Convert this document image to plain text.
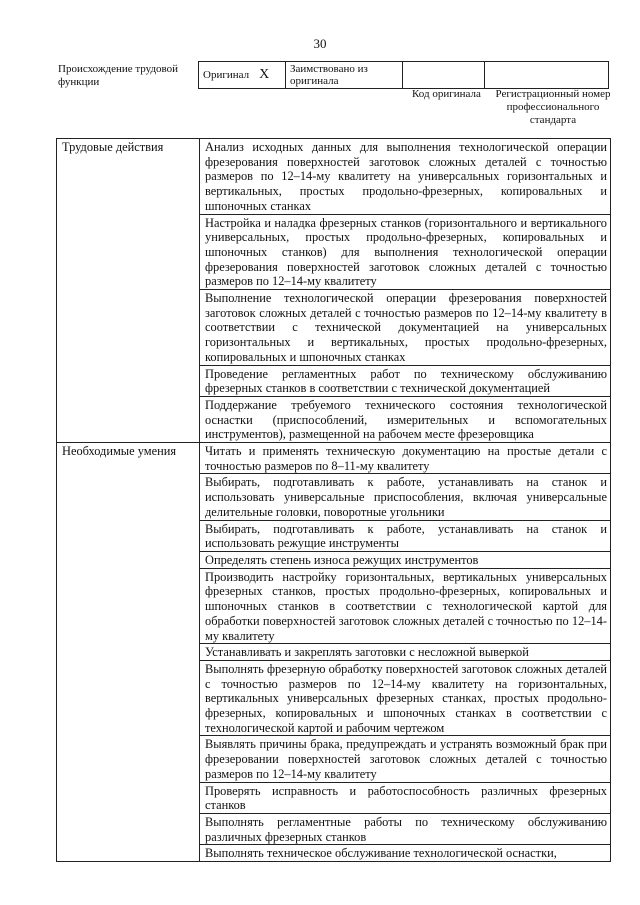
30
Происхождение трудовой функции
Оригинал X	Заимствовано из оригинала		
Код оригинала	Регистрационный номер профессионального стандарта
Трудовые действия	Анализ исходных данных для выполнения технологической операции фрезерования поверхностей заготовок сложных деталей с точностью размеров по 12–14-му квалитету на универсальных горизонтальных и вертикальных, простых продольно-фрезерных, копировальных и шпоночных станках
	Настройка и наладка фрезерных станков (горизонтального и вертикального универсальных, простых продольно-фрезерных, копировальных и шпоночных станков) для выполнения технологической операции фрезерования поверхностей заготовок сложных деталей с точностью размеров по 12–14-му квалитету
	Выполнение технологической операции фрезерования поверхностей заготовок сложных деталей с точностью размеров по 12–14-му квалитету в соответствии с технической документацией на универсальных горизонтальных и вертикальных, простых продольно-фрезерных, копировальных и шпоночных станках
	Проведение регламентных работ по техническому обслуживанию фрезерных станков в соответствии с технической документацией
	Поддержание требуемого технического состояния технологической оснастки (приспособлений, измерительных и вспомогательных инструментов), размещенной на рабочем месте фрезеровщика
Необходимые умения	Читать и применять техническую документацию на простые детали с точностью размеров по 8–11-му квалитету
	Выбирать, подготавливать к работе, устанавливать на станок и использовать универсальные приспособления, включая универсальные делительные головки, поворотные угольники
	Выбирать, подготавливать к работе, устанавливать на станок и использовать режущие инструменты
	Определять степень износа режущих инструментов
	Производить настройку горизонтальных, вертикальных универсальных фрезерных станков, простых продольно-фрезерных, копировальных и шпоночных станков в соответствии с технологической картой для обработки поверхностей заготовок сложных деталей с точностью по 12–14-му квалитету
	Устанавливать и закреплять заготовки с несложной выверкой
	Выполнять фрезерную обработку поверхностей заготовок сложных деталей с точностью размеров по 12–14-му квалитету на горизонтальных, вертикальных универсальных фрезерных станках, простых продольно-фрезерных, копировальных и шпоночных станках в соответствии с технологической картой и рабочим чертежом
	Выявлять причины брака, предупреждать и устранять возможный брак при фрезеровании поверхностей заготовок сложных деталей с точностью размеров по 12–14-му квалитету
	Проверять исправность и работоспособность различных фрезерных станков
	Выполнять регламентные работы по техническому обслуживанию различных фрезерных станков
	Выполнять техническое обслуживание технологической оснастки,
